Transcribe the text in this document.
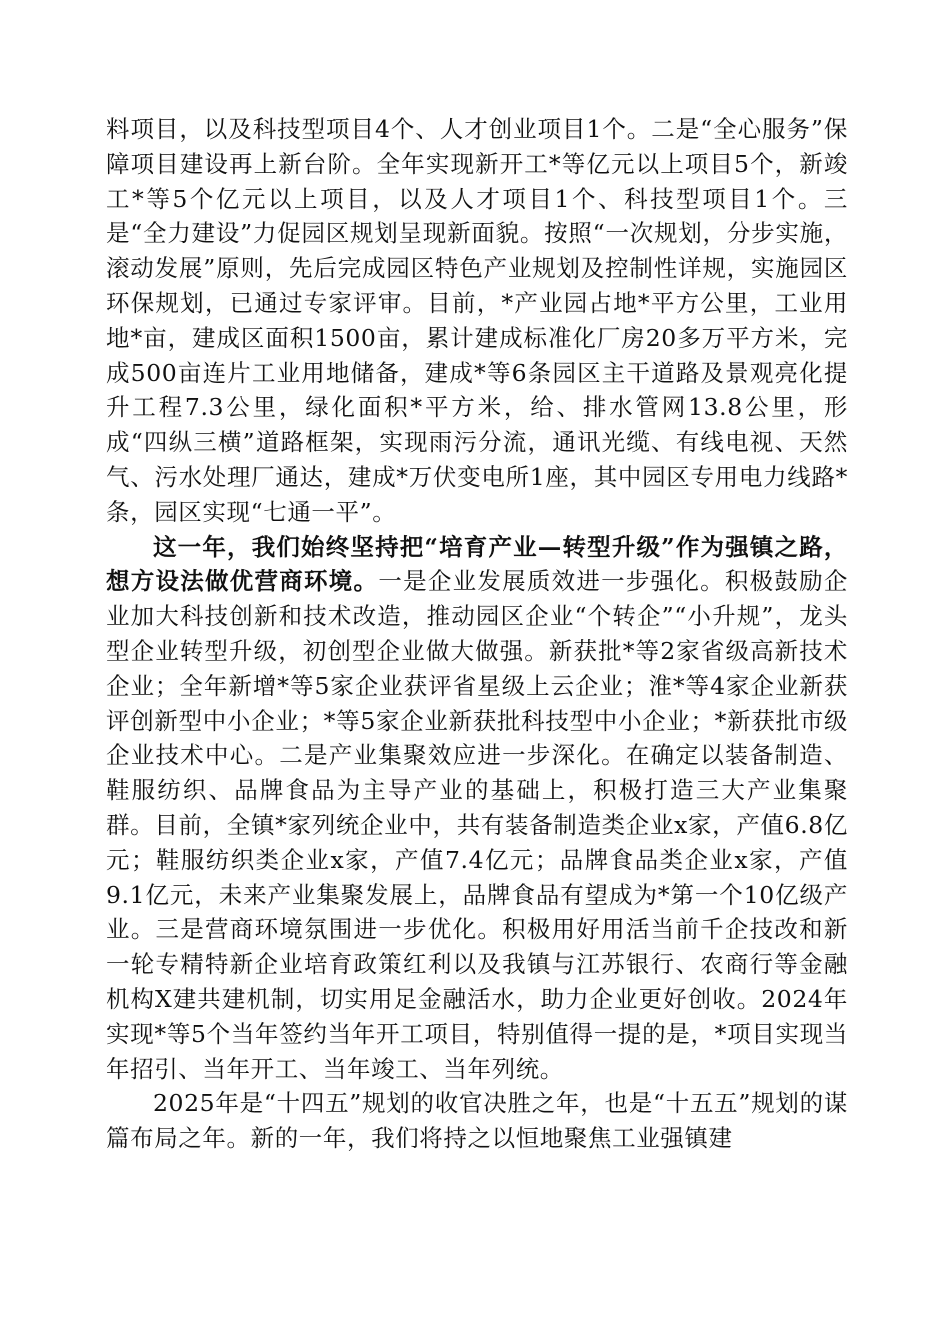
料项目，以及科技型项目4个、人才创业项目1个。二是“全心服务”保障项目建设再上新台阶。全年实现新开工*等亿元以上项目5个，新竣工*等5个亿元以上项目，以及人才项目1个、科技型项目1个。三是“全力建设”力促园区规划呈现新面貌。按照“一次规划，分步实施，滚动发展”原则，先后完成园区特色产业规划及控制性详规，实施园区环保规划，已通过专家评审。目前，*产业园占地*平方公里，工业用地*亩，建成区面积1500亩，累计建成标准化厂房20多万平方米，完成500亩连片工业用地储备，建成*等6条园区主干道路及景观亮化提升工程7.3公里，绿化面积*平方米，给、排水管网13.8公里，形成“四纵三横”道路框架，实现雨污分流，通讯光缆、有线电视、天然气、污水处理厂通达，建成*万伏变电所1座，其中园区专用电力线路*条，园区实现“七通一平”。

这一年，我们始终坚持把“培育产业—转型升级”作为强镇之路，想方设法做优营商环境。一是企业发展质效进一步强化。积极鼓励企业加大科技创新和技术改造，推动园区企业“个转企”“小升规”，龙头型企业转型升级，初创型企业做大做强。新获批*等2家省级高新技术企业；全年新增*等5家企业获评省星级上云企业；淮*等4家企业新获评创新型中小企业；*等5家企业新获批科技型中小企业；*新获批市级企业技术中心。二是产业集聚效应进一步深化。在确定以装备制造、鞋服纺织、品牌食品为主导产业的基础上，积极打造三大产业集聚群。目前，全镇*家列统企业中，共有装备制造类企业x家，产值6.8亿元；鞋服纺织类企业x家，产值7.4亿元；品牌食品类企业x家，产值9.1亿元，未来产业集聚发展上，品牌食品有望成为*第一个10亿级产业。三是营商环境氛围进一步优化。积极用好用活当前千企技改和新一轮专精特新企业培育政策红利以及我镇与江苏银行、农商行等金融机构X建共建机制，切实用足金融活水，助力企业更好创收。2024年实现*等5个当年签约当年开工项目，特别值得一提的是，*项目实现当年招引、当年开工、当年竣工、当年列统。

2025年是“十四五”规划的收官决胜之年，也是“十五五”规划的谋篇布局之年。新的一年，我们将持之以恒地聚焦工业强镇建
